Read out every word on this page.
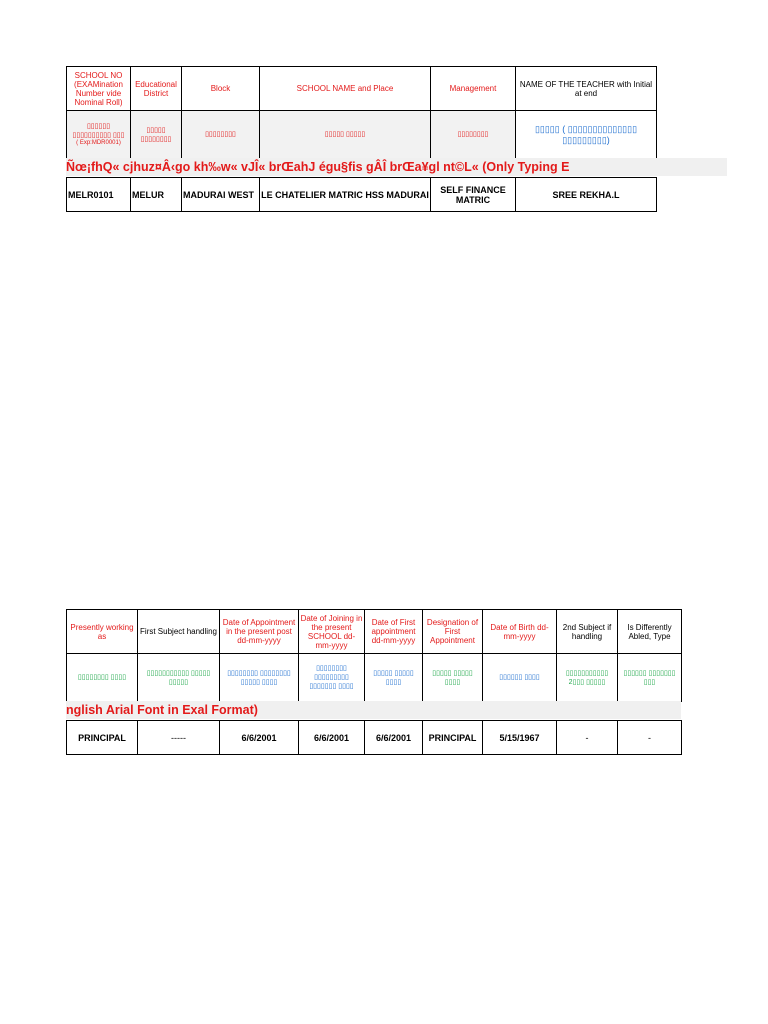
SCHOOL NO (EXAMination Number vide Nominal Roll)	Educational District	Block	SCHOOL NAME and Place	Management	NAME OF THE TEACHER with Initial at end

▯▯▯▯▯▯ ▯▯▯▯▯▯▯▯▯▯ ▯▯▯
( Exp:MDR0001)	▯▯▯▯▯ ▯▯▯▯▯▯▯▯	▯▯▯▯▯▯▯▯	▯▯▯▯▯ ▯▯▯▯▯	▯▯▯▯▯▯▯▯	▯▯▯▯▯ ( ▯▯▯▯▯▯▯▯▯▯▯▯▯▯ ▯▯▯▯▯▯▯▯▯)
Ñœ¡fhQ« cjhuz¤Â‹go kh‰w« vJÎ« brŒahJ égu§fis gÂÎ brŒa¥gl nt©L« (Only Typing E
MELR0101	MELUR	MADURAI WEST	LE CHATELIER MATRIC HSS MADURAI	SELF FINANCE MATRIC	SREE REKHA.L
Presently working as	First Subject handling	Date of Appointment in the present post dd-mm-yyyy	Date of Joining in the present SCHOOL dd-mm-yyyy	Date of First appointment dd-mm-yyyy	Designation of First Appointment	Date of Birth dd-mm-yyyy	2nd Subject if handling	Is Differently Abled, Type
▯▯▯▯▯▯▯▯ ▯▯▯▯	▯▯▯▯▯▯▯▯▯▯▯ ▯▯▯▯▯ ▯▯▯▯▯	▯▯▯▯▯▯▯▯ ▯▯▯▯▯▯▯▯ ▯▯▯▯▯ ▯▯▯▯	▯▯▯▯▯▯▯▯ ▯▯▯▯▯▯▯▯▯ ▯▯▯▯▯▯▯ ▯▯▯▯	▯▯▯▯▯ ▯▯▯▯▯ ▯▯▯▯	▯▯▯▯▯ ▯▯▯▯▯ ▯▯▯▯	▯▯▯▯▯▯ ▯▯▯▯	▯▯▯▯▯▯▯▯▯▯▯ 2▯▯▯ ▯▯▯▯▯	▯▯▯▯▯▯ ▯▯▯▯▯▯▯ ▯▯▯
nglish Arial Font in Exal Format)
PRINCIPAL	-----	6/6/2001	6/6/2001	6/6/2001	PRINCIPAL	5/15/1967	-	-
